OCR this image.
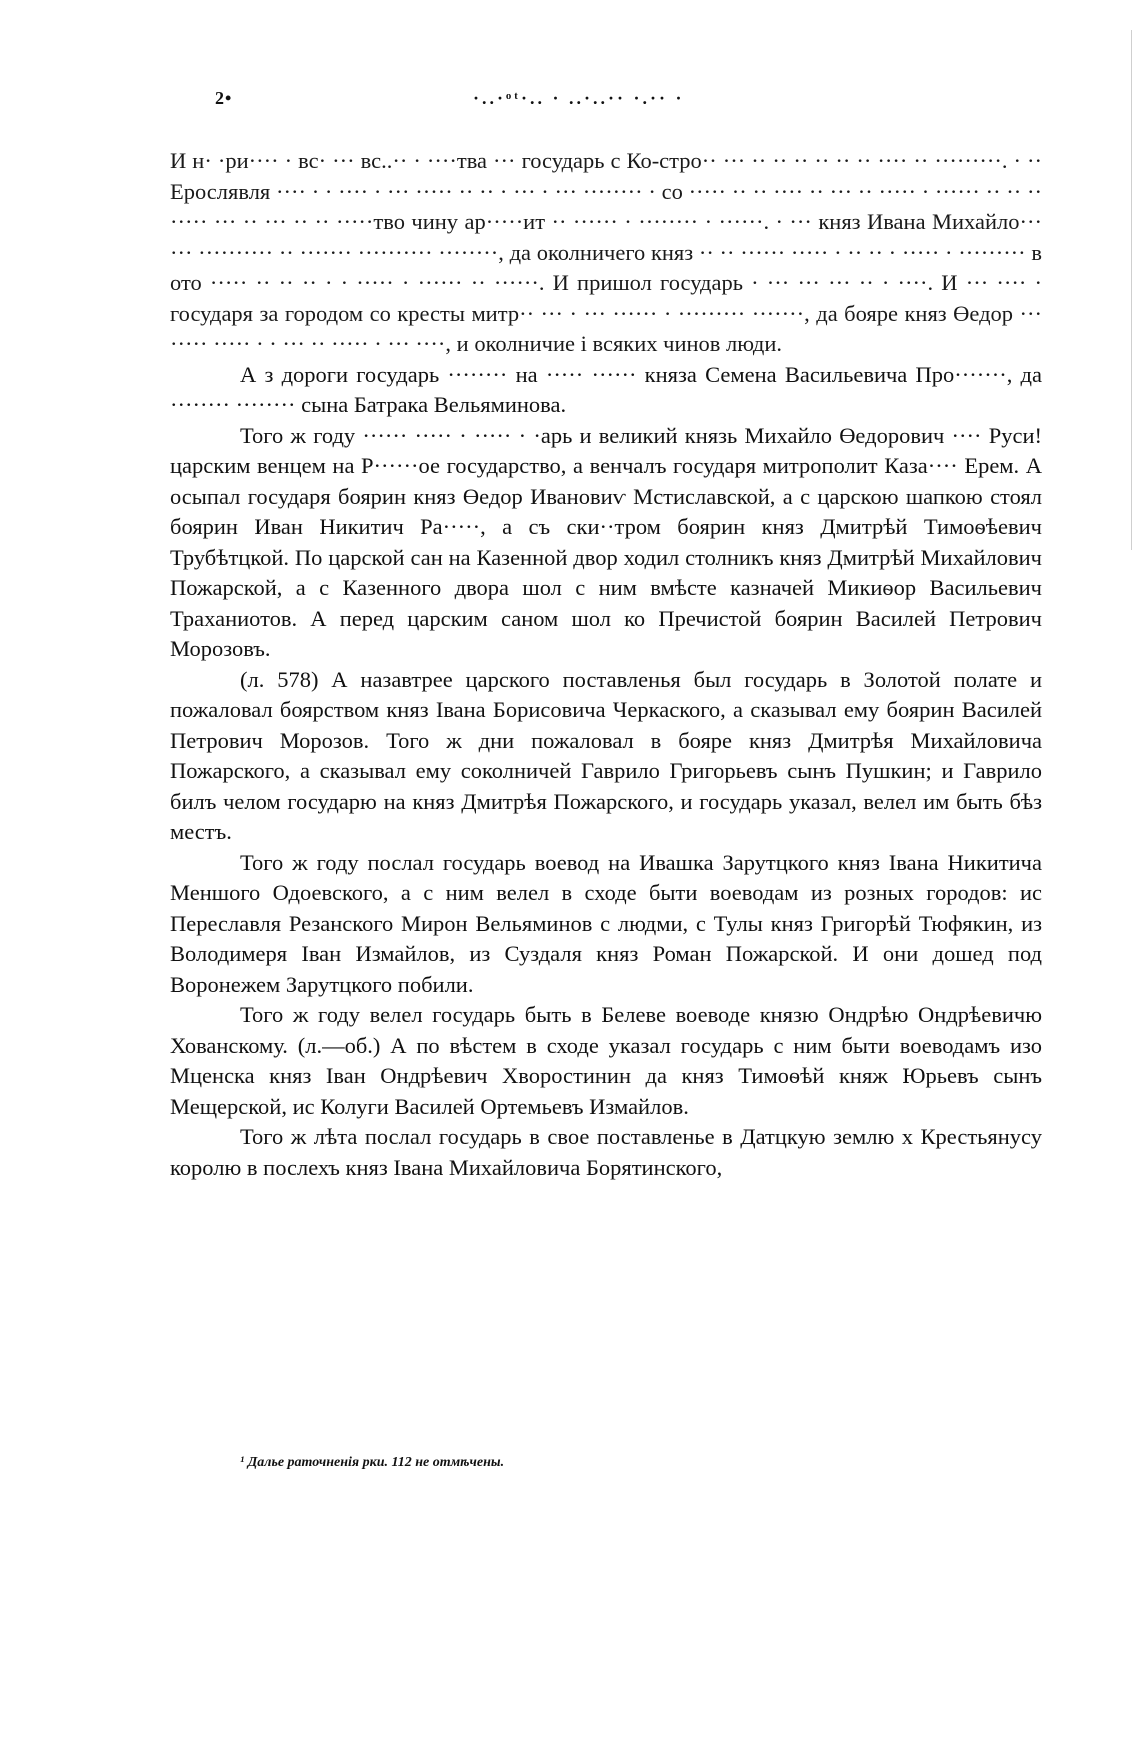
2•	·..·ᵒᵗ·.. · ..·..·· ·.·· ·

И н· ·ри···· · вс· ··· вс..·· · ····тва ··· государь с Ко-стро·· ··· ·· ·· ·· ·· ·· ·· ···· ·· ·········. · ·· Ерослявля ···· · · ···· · ··· ····· ·· ·· · ··· · ··· ········ · со ····· ·· ·· ···· ·· ··· ·· ····· · ······ ·· ·· ·· ····· ··· ·· ··· ·· ·· ·····тво чину ар·····ит ·· ······ · ········ · ······. · ··· княз Ивана Михайло··· ··· ·········· ·· ······· ·········· ········, да околничего княз ·· ·· ······ ····· · ·· ·· · ····· · ········· в ото ····· ·· ·· ·· · · ····· · ······ ·· ······. И пришол государь · ··· ··· ··· ·· · ····. И ··· ···· · государя за городом со кресты митр·· ··· · ··· ······ · ········· ·······, да бояре княз Өедор ··· ····· ····· · · ··· ·· ····· · ··· ····, и околничие і всяких чинов люди.

А з дороги государь ········ на ····· ······ княза Семена Васильевича Про·······, да ········ ········ сына Батрака Вельяминова.

Того ж году ······ ····· · ····· · ·арь и великий князь Михайло Өедорович ···· Руси! царским венцем на Р······ое государство, а венчалъ государя митрополит Каза···· Ерем. А осыпал государя боярин княз Өедор Ивановиѵ Мстиславской, а с царскою шапкою стоял боярин Иван Никитич Ра·····, а съ ски··тром боярин княз Дмитрѣй Тимоѳѣевич Трубѣтцкой. По царской сан на Казенной двор ходил столникъ княз Дмитрѣй Михайлович Пожарской, а с Казенного двора шол с ним вмѣсте казначей Микиѳор Васильевич Траханиотов. А перед царским саном шол ко Пречистой боярин Василей Петрович Морозовъ.

(л. 578) А назавтрее царского поставленья был государь в Золотой полате и пожаловал боярством княз Івана Борисовича Черкаского, а сказывал ему боярин Василей Петрович Морозов. Того ж дни пожаловал в бояре княз Дмитрѣя Михайловича Пожарского, а сказывал ему соколничей Гаврило Григорьевъ сынъ Пушкин; и Гаврило билъ челом государю на княз Дмитрѣя Пожарского, и государь указал, велел им быть бѣз местъ.

Того ж году послал государь воевод на Ивашка Зарутцкого княз Івана Никитича Меншого Одоевского, а с ним велел в сходе быти воеводам из розных городов: ис Переславля Резанского Мирон Вельяминов с людми, с Тулы княз Григорѣй Тюфякин, из Володимеря Іван Измайлов, из Суздаля княз Роман Пожарской. И они дошед под Воронежем Зарутцкого побили.

Того ж году велел государь быть в Белеве воеводе князю Ондрѣю Ондрѣевичю Хованскому. (л.—об.) А по вѣстем в сходе указал государь с ним быти воеводамъ изо Мценска княз Іван Ондрѣевич Хворостинин да княз Тимоѳѣй княж Юрьевъ сынъ Мещерской, ис Колуги Василей Ортемьевъ Измайлов.

Того ж лѣта послал государь в свое поставленье в Датцкую землю х Крестьянусу королю в послехъ княз Івана Михайловича Борятинского,

¹ Далье раточненія рки. 112 не отмѣчены.
